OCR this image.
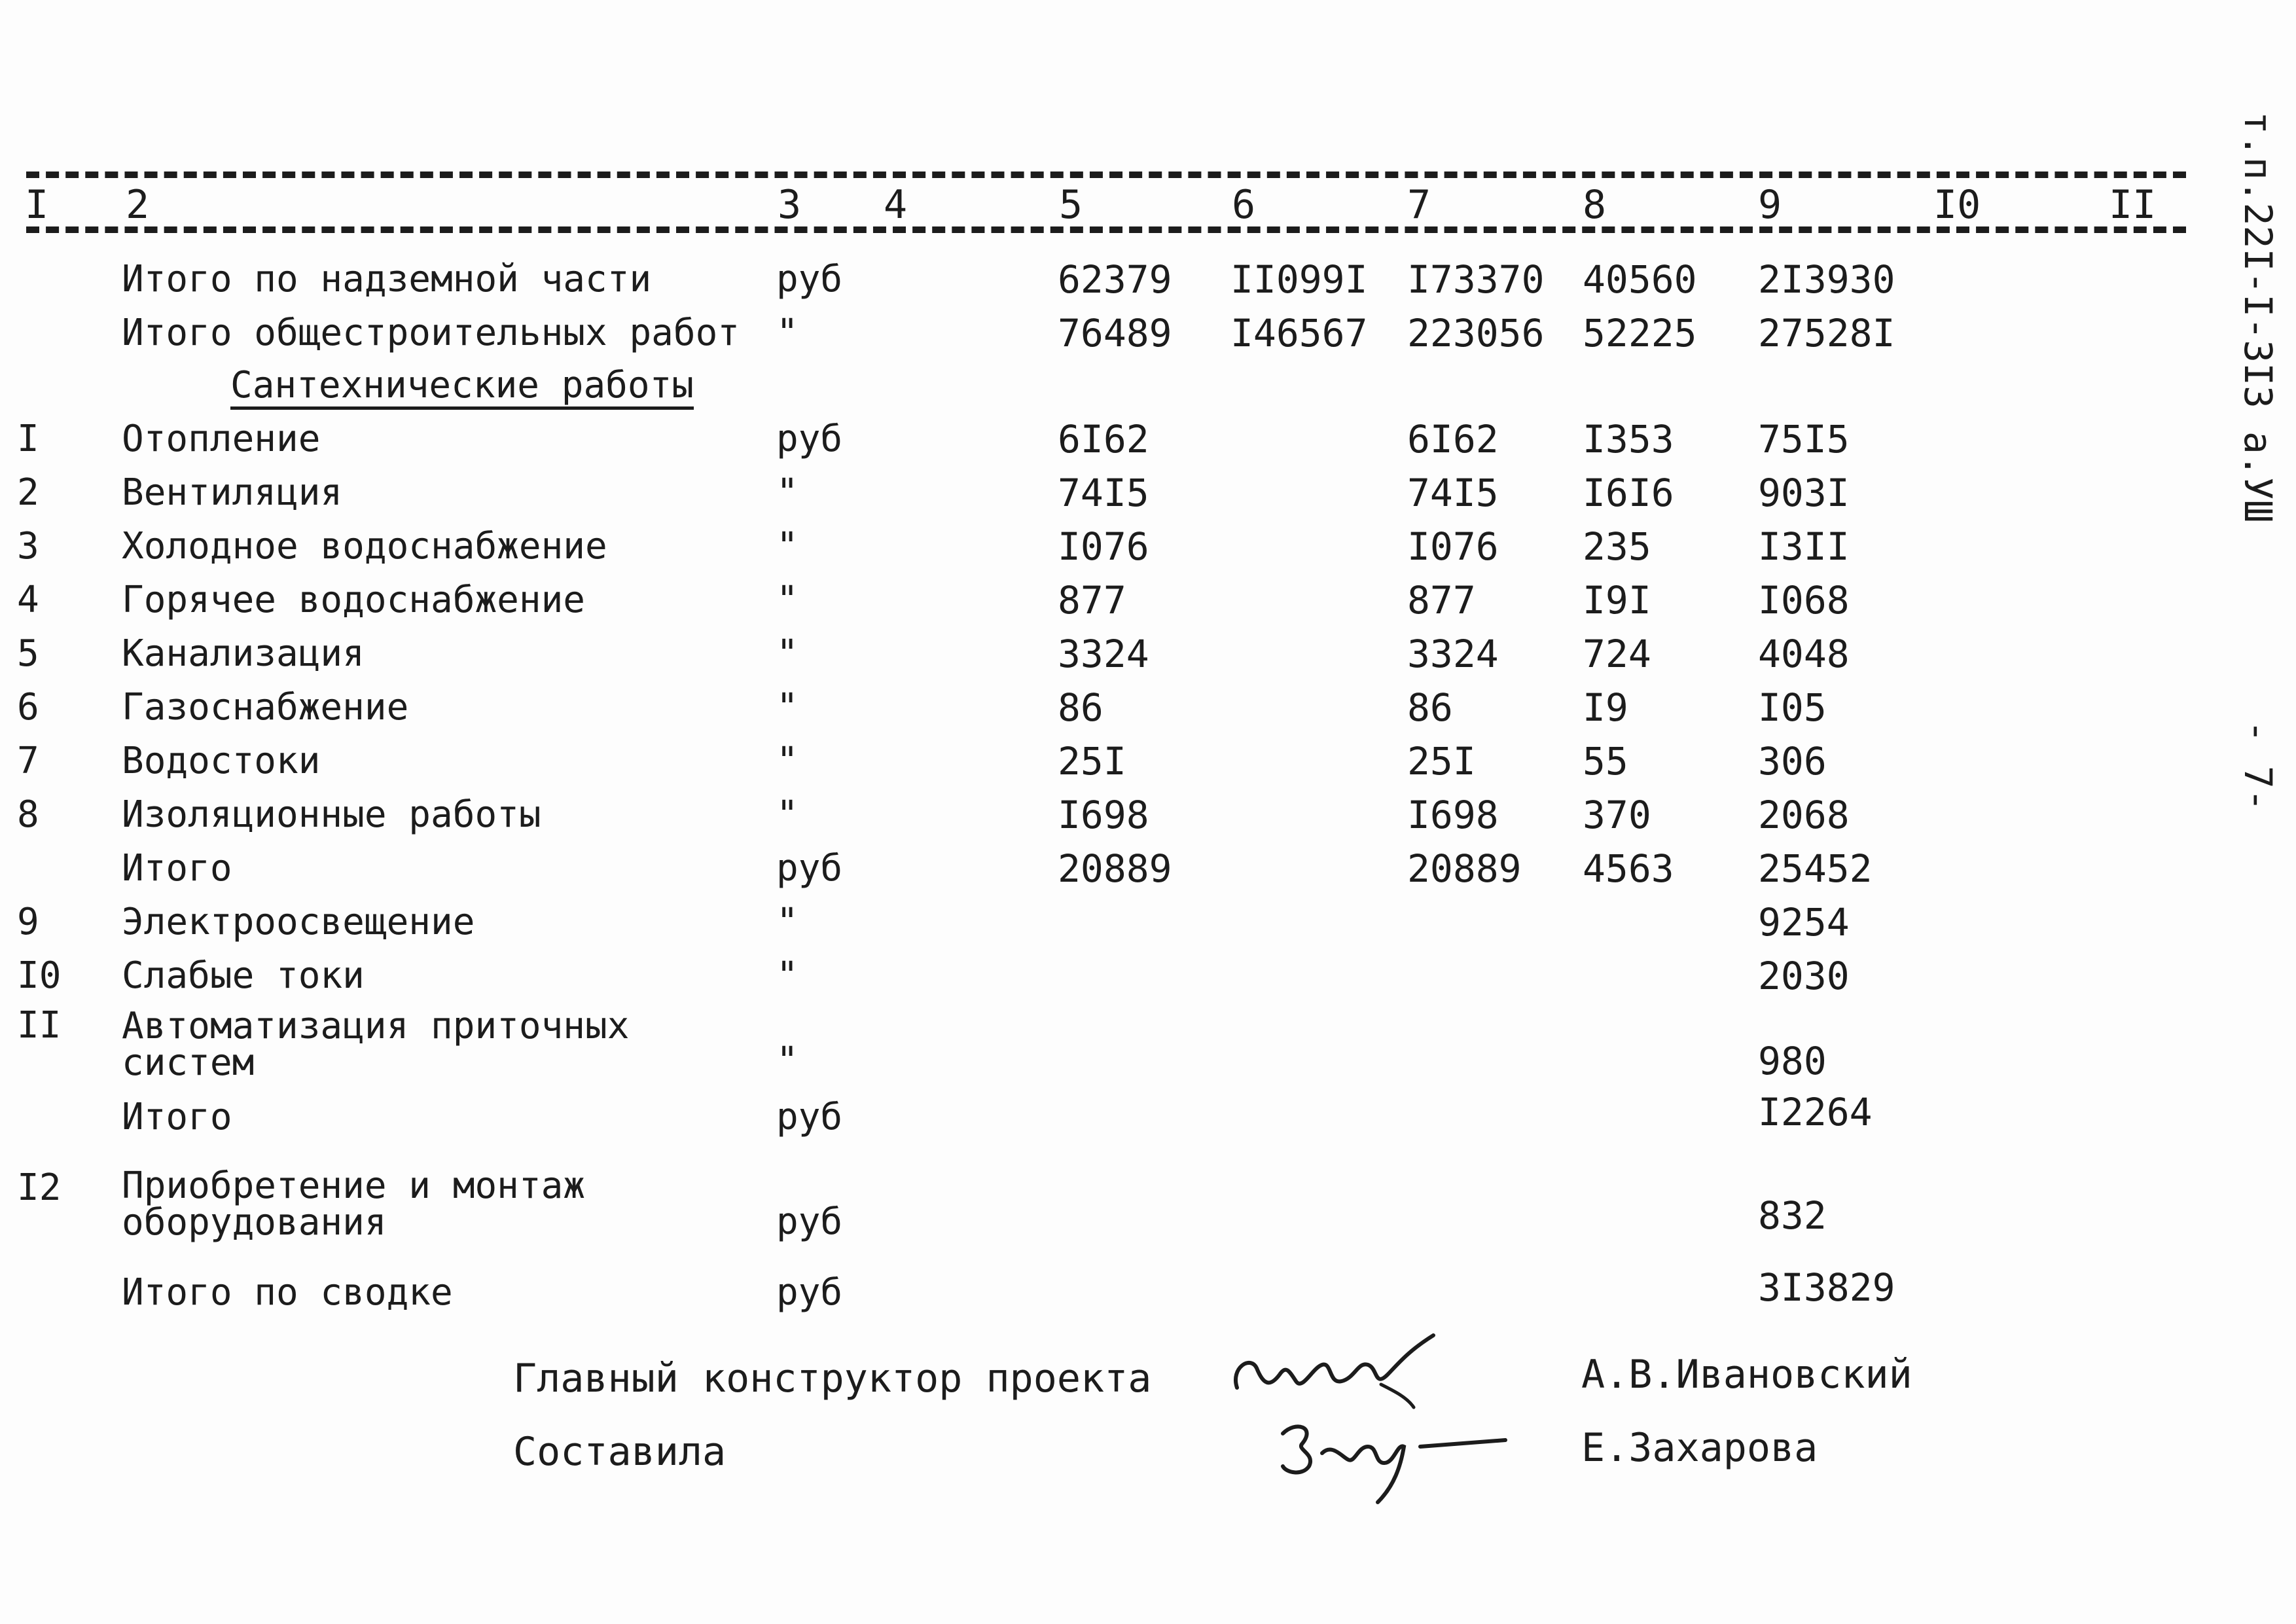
т.п.22I-I-3I3 а.УШ
- 7-
I 2	3 4	5	6	7	8	9	I0	II
Итого по надземной части	руб	62379 II099I I73370 40560 2I3930
Итого общестроительных работ "	76489 I46567 223056 52225 27528I
Сантехнические работы
I Отопление	руб	6I62	6I62 I353 75I5
2 Вентиляция	"	74I5	74I5 I6I6 903I
3 Холодное водоснабжение	"	I076	I076 235	I3II
4 Горячее водоснабжение	"	877	877	I9I	I068
5 Канализация	"	3324	3324 724	4048
6 Газоснабжение	"	86	86	I9	I05
7 Водостоки	"	25I	25I	55	306
8 Изоляционные работы	"	I698	I698 370	2068
Итого	руб	20889	20889 4563 25452
9 Электроосвещение	"	9254
I0 Слабые токи	"	2030
II Автоматизация приточных
систем	"	980
Итого	руб	I2264
I2 Приобретение и монтаж
оборудования	руб	832
Итого по сводке	руб	3I3829
Главный конструктор проекта	А.В.Ивановский
Составила	Е.Захарова
